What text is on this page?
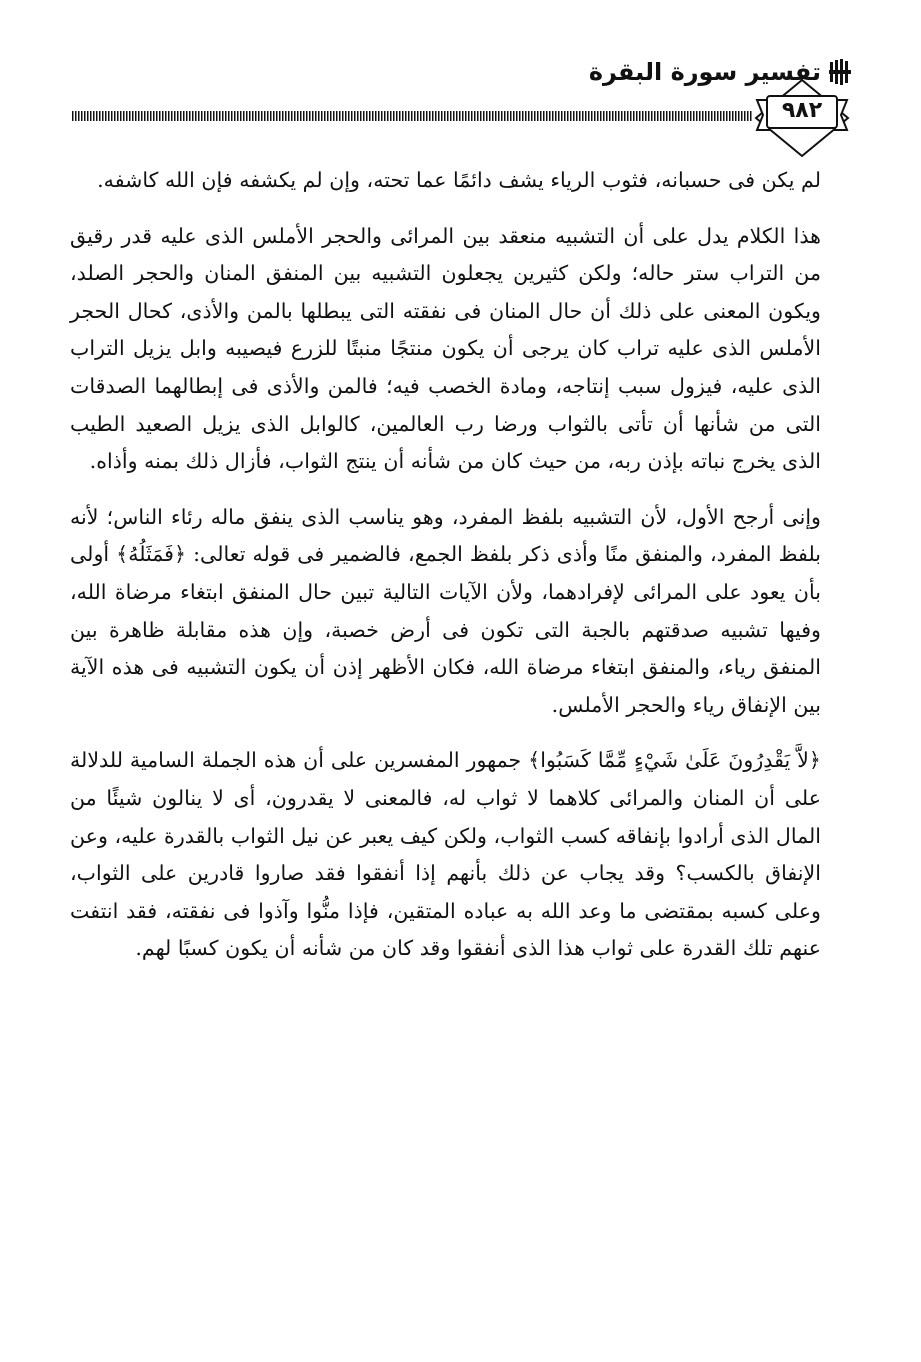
تفسير سورة البقرة
٩٨٢

لم يكن فى حسبانه، فثوب الرياء يشف دائمًا عما تحته، وإن لم يكشفه فإن الله كاشفه.

هذا الكلام يدل على أن التشبيه منعقد بين المرائى والحجر الأملس الذى عليه قدر رقيق من التراب ستر حاله؛ ولكن كثيرين يجعلون التشبيه بين المنفق المنان والحجر الصلد، ويكون المعنى على ذلك أن حال المنان فى نفقته التى يبطلها بالمن والأذى، كحال الحجر الأملس الذى عليه تراب كان يرجى أن يكون منتجًا منبتًا للزرع فيصيبه وابل يزيل التراب الذى عليه، فيزول سبب إنتاجه، ومادة الخصب فيه؛ فالمن والأذى فى إبطالهما الصدقات التى من شأنها أن تأتى بالثواب ورضا رب العالمين، كالوابل الذى يزيل الصعيد الطيب الذى يخرج نباته بإذن ربه، من حيث كان من شأنه أن ينتج الثواب، فأزال ذلك بمنه وأذاه.

وإنى أرجح الأول، لأن التشبيه بلفظ المفرد، وهو يناسب الذى ينفق ماله رئاء الناس؛ لأنه بلفظ المفرد، والمنفق منًا وأذى ذكر بلفظ الجمع، فالضمير فى قوله تعالى: ﴿فَمَثَلُهُ﴾ أولى بأن يعود على المرائى لإفرادهما، ولأن الآيات التالية تبين حال المنفق ابتغاء مرضاة الله، وفيها تشبيه صدقتهم بالجبة التى تكون فى أرض خصبة، وإن هذه مقابلة ظاهرة بين المنفق رياء، والمنفق ابتغاء مرضاة الله، فكان الأظهر إذن أن يكون التشبيه فى هذه الآية بين الإنفاق رياء والحجر الأملس.

﴿لاَّ يَقْدِرُونَ عَلَىٰ شَيْءٍ مِّمَّا كَسَبُوا﴾ جمهور المفسرين على أن هذه الجملة السامية للدلالة على أن المنان والمرائى كلاهما لا ثواب له، فالمعنى لا يقدرون، أى لا ينالون شيئًا من المال الذى أرادوا بإنفاقه كسب الثواب، ولكن كيف يعبر عن نيل الثواب بالقدرة عليه، وعن الإنفاق بالكسب؟ وقد يجاب عن ذلك بأنهم إذا أنفقوا فقد صاروا قادرين على الثواب، وعلى كسبه بمقتضى ما وعد الله به عباده المتقين، فإذا منُّوا وآذوا فى نفقته، فقد انتفت عنهم تلك القدرة على ثواب هذا الذى أنفقوا وقد كان من شأنه أن يكون كسبًا لهم.
